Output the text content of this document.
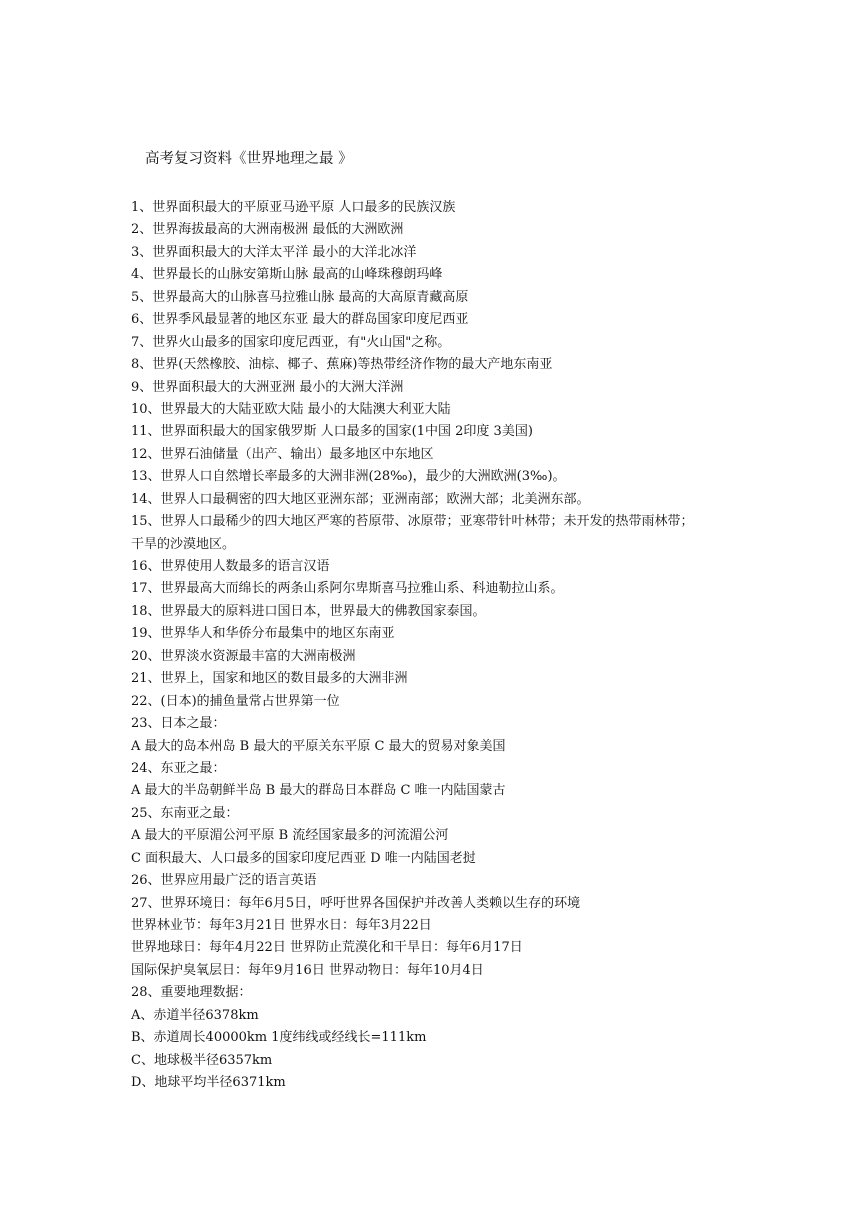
高考复习资料《世界地理之最 》
1、世界面积最大的平原亚马逊平原 人口最多的民族汉族
2、世界海拔最高的大洲南极洲 最低的大洲欧洲
3、世界面积最大的大洋太平洋 最小的大洋北冰洋
4、世界最长的山脉安第斯山脉 最高的山峰珠穆朗玛峰
5、世界最高大的山脉喜马拉雅山脉 最高的大高原青藏高原
6、世界季风最显著的地区东亚 最大的群岛国家印度尼西亚
7、世界火山最多的国家印度尼西亚，有"火山国"之称。
8、世界(天然橡胶、油棕、椰子、蕉麻)等热带经济作物的最大产地东南亚
9、世界面积最大的大洲亚洲 最小的大洲大洋洲
10、世界最大的大陆亚欧大陆 最小的大陆澳大利亚大陆
11、世界面积最大的国家俄罗斯 人口最多的国家(1中国 2印度 3美国)
12、世界石油储量（出产、输出）最多地区中东地区
13、世界人口自然增长率最多的大洲非洲(28‰)，最少的大洲欧洲(3‰)。
14、世界人口最稠密的四大地区亚洲东部；亚洲南部；欧洲大部；北美洲东部。
15、世界人口最稀少的四大地区严寒的苔原带、冰原带；亚寒带针叶林带；未开发的热带雨林带；
干旱的沙漠地区。
16、世界使用人数最多的语言汉语
17、世界最高大而绵长的两条山系阿尔卑斯喜马拉雅山系、科迪勒拉山系。
18、世界最大的原料进口国日本，世界最大的佛教国家泰国。
19、世界华人和华侨分布最集中的地区东南亚
20、世界淡水资源最丰富的大洲南极洲
21、世界上，国家和地区的数目最多的大洲非洲
22、(日本)的捕鱼量常占世界第一位
23、日本之最：
A 最大的岛本州岛 B 最大的平原关东平原 C 最大的贸易对象美国
24、东亚之最：
A 最大的半岛朝鲜半岛 B 最大的群岛日本群岛 C 唯一内陆国蒙古
25、东南亚之最：
A 最大的平原湄公河平原 B 流经国家最多的河流湄公河
C 面积最大、人口最多的国家印度尼西亚 D 唯一内陆国老挝
26、世界应用最广泛的语言英语
27、世界环境日：每年6月5日，呼吁世界各国保护并改善人类赖以生存的环境
世界林业节：每年3月21日 世界水日：每年3月22日
世界地球日：每年4月22日 世界防止荒漠化和干旱日：每年6月17日
国际保护臭氧层日：每年9月16日 世界动物日：每年10月4日
28、重要地理数据：
A、赤道半径6378km
B、赤道周长40000km 1度纬线或经线长=111km
C、地球极半径6357km
D、地球平均半径6371km
